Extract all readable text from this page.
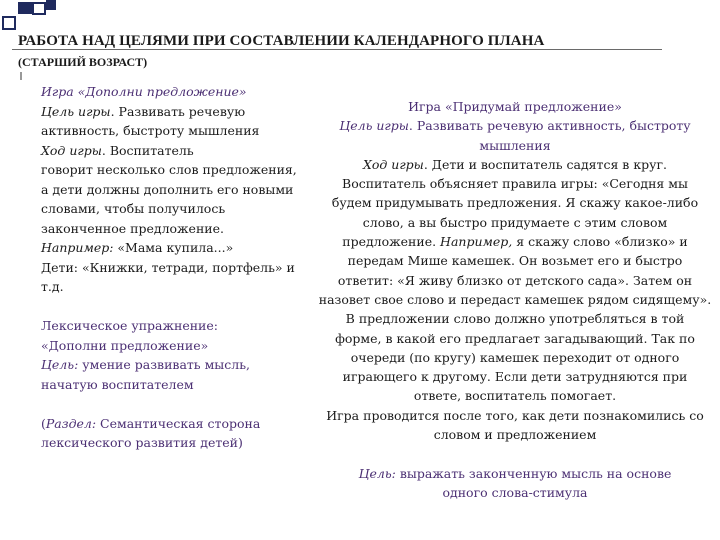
РАБОТА НАД ЦЕЛЯМИ ПРИ СОСТАВЛЕНИИ КАЛЕНДАРНОГО ПЛАНА
(СТАРШИЙ ВОЗРАСТ)
Игра «Дополни предложение»
Цель игры. Развивать речевую
активность, быстроту мышления
Ход игры. Воспитатель
говорит несколько слов предложения,
а дети должны дополнить его новыми
словами, чтобы получилось
законченное предложение.
Например: «Мама купила...»
Дети: «Книжки, тетради, портфель» и
т.д.
Лексическое упражнение:
«Дополни предложение»
Цель: умение развивать мысль,
начатую воспитателем
(Раздел: Семантическая сторона
лексического развития детей)
Игра «Придумай предложение»
Цель игры. Развивать речевую активность, быстроту
мышления
Ход игры. Дети и воспитатель садятся в круг.
Воспитатель объясняет правила игры: «Сегодня мы
будем придумывать предложения. Я скажу какое-либо
слово, а вы быстро придумаете с этим словом
предложение. Например, я скажу слово «близко» и
передам Мише камешек. Он возьмет его и быстро
ответит: «Я живу близко от детского сада». Затем он
назовет свое слово и передаст камешек рядом сидящему».
В предложении слово должно употребляться в той
форме, в какой его предлагает загадывающий. Так по
очереди (по кругу) камешек переходит от одного
играющего к другому. Если дети затрудняются при
ответе, воспитатель помогает.
Игра проводится после того, как дети познакомились со
словом и предложением
Цель: выражать законченную мысль на основе
одного слова-стимула
